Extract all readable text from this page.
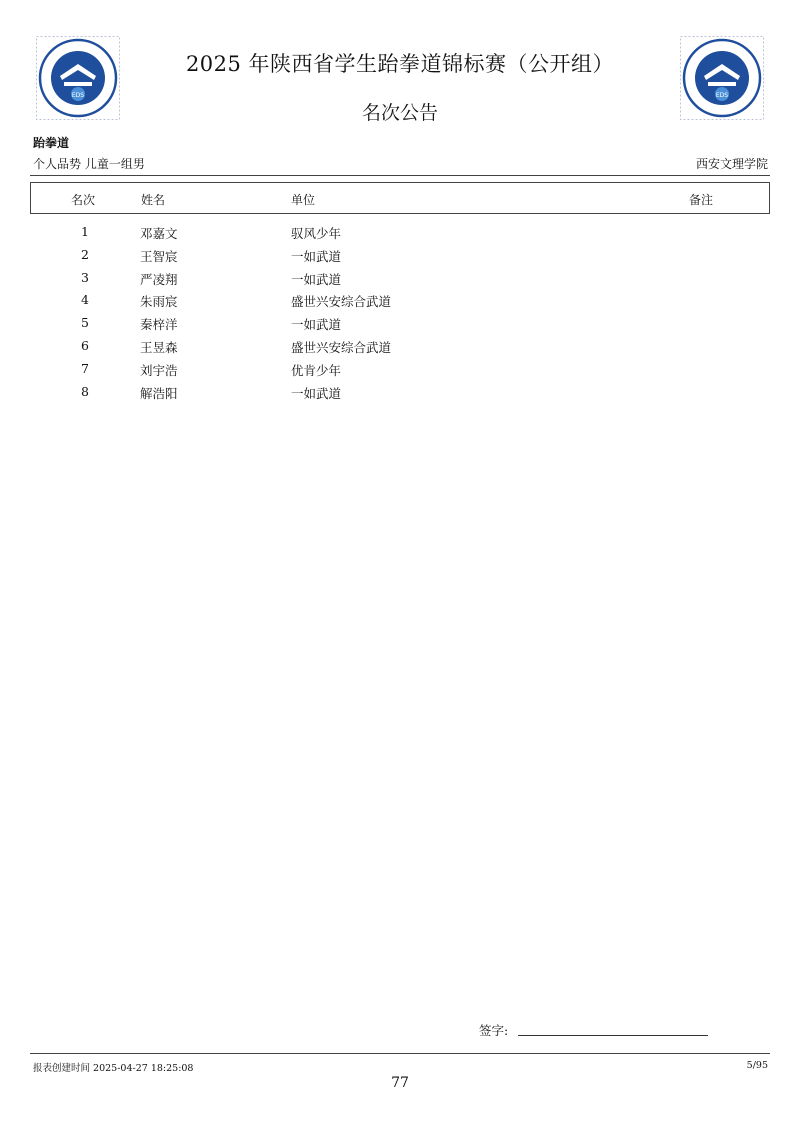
EDS	EDS
2025 年陕西省学生跆拳道锦标赛（公开组）
名次公告
跆拳道
个人品势 儿童一组男	西安文理学院
名次	姓名	单位	备注
1	邓嘉文	驭风少年
2	王智宸	一如武道
3	严凌翔	一如武道
4	朱雨宸	盛世兴安综合武道
5	秦梓洋	一如武道
6	王昱森	盛世兴安综合武道
7	刘宇浩	优肯少年
8	解浩阳	一如武道
签字:
报表创建时间 2025-04-27 18:25:08	5/95
77
